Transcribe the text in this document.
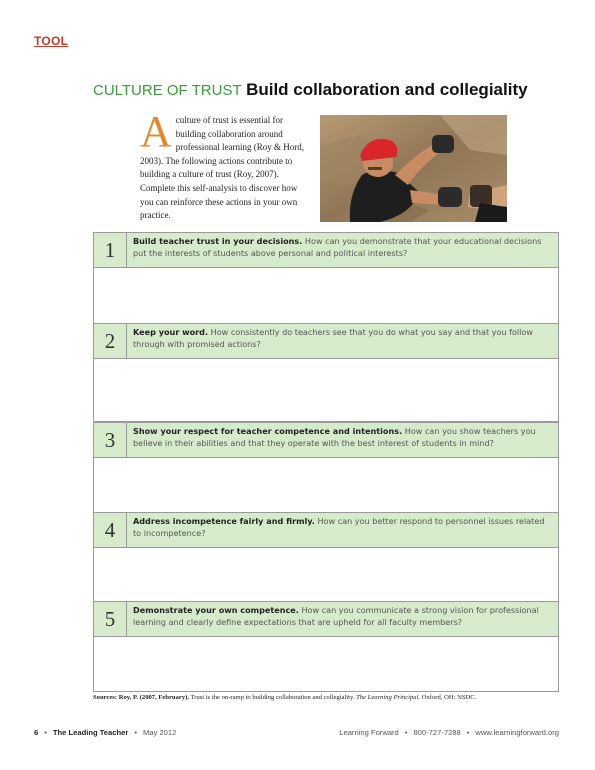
TOOL
CULTURE OF TRUST Build collaboration and collegiality
A culture of trust is essential for building collaboration around professional learning (Roy & Hord, 2003). The following actions contribute to building a culture of trust (Roy, 2007). Complete this self-analysis to discover how you can reinforce these actions in your own practice.
1	Build teacher trust in your decisions. How can you demonstrate that your educational decisions put the interests of students above personal and political interests?
2	Keep your word. How consistently do teachers see that you do what you say and that you follow through with promised actions?
3	Show your respect for teacher competence and intentions. How can you show teachers you believe in their abilities and that they operate with the best interest of students in mind?
4	Address incompetence fairly and firmly. How can you better respond to personnel issues related to incompetence?
5	Demonstrate your own competence. How can you communicate a strong vision for professional learning and clearly define expectations that are upheld for all faculty members?
Sources: Roy, P. (2007, February). Trust is the on-ramp to building collaboration and collegiality. The Learning Principal. Oxford, OH: NSDC.
6 • The Leading Teacher • May 2012	Learning Forward • 800-727-7288 • www.learningforward.org
